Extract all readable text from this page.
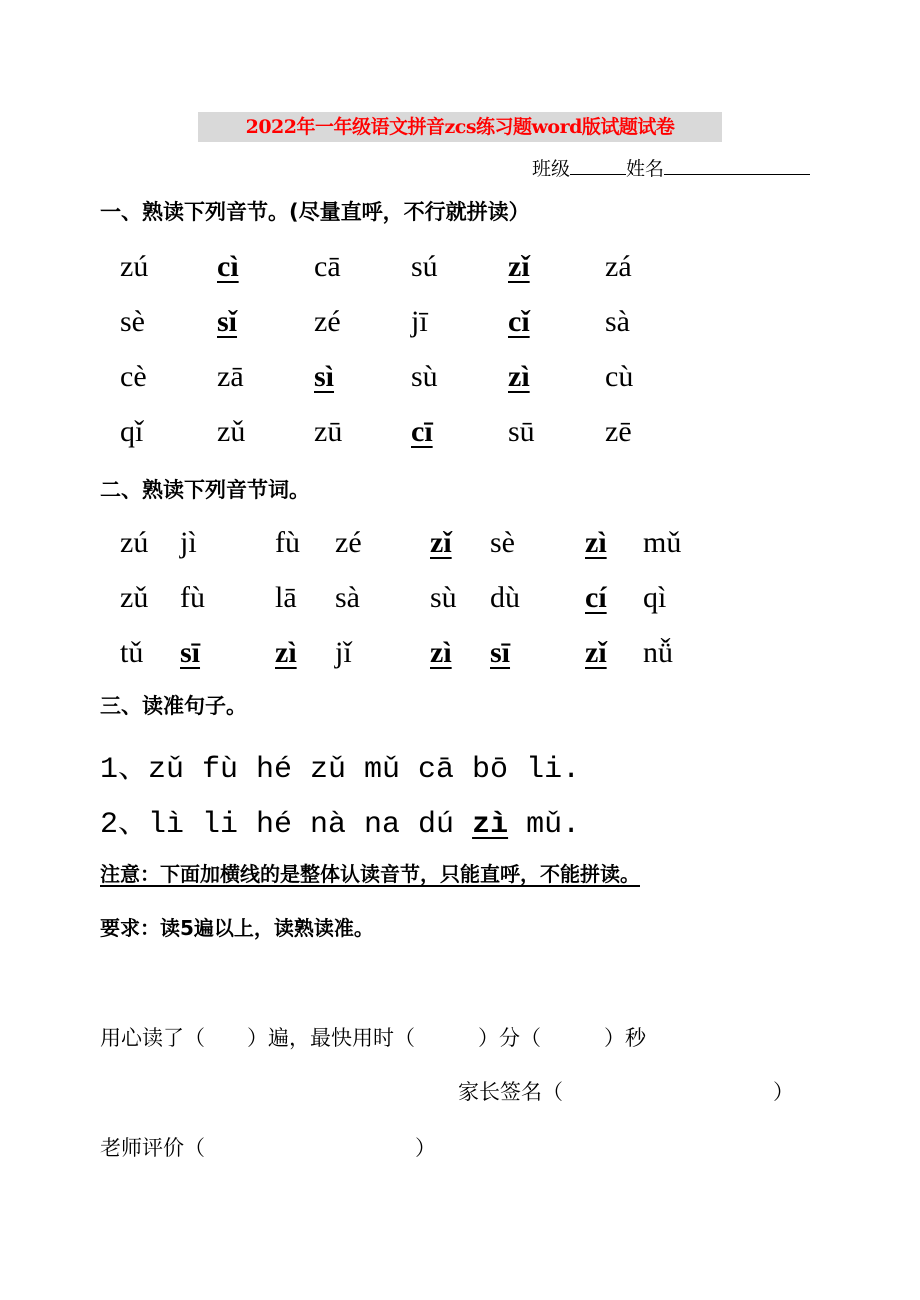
2022年一年级语文拼音zcs练习题word版试题试卷
班级	姓名
一、熟读下列音节。(尽量直呼，不行就拼读）
zú cì	cā sú zǐ	zá
sè sǐ	zé jī	cǐ	sà
cè zā sì	sù zì	cù
qǐ zǔ zū cī	sū zē
二、熟读下列音节词。
zú jì	fù zé zǐ sè zì mǔ
zǔ fù lā sà sù dù cí qì
tǔ sī zì jǐ	zì sī zǐ nǚ
三、读准句子。
1、zǔ fù hé zǔ mǔ cā bō li.
2、lì li hé nà na dú zì mǔ.
注意：下面加横线的是整体认读音节，只能直呼，不能拼读。
要求：读5遍以上，读熟读准。
用心读了（　　）遍，最快用时（　　　）分（　　　）秒
家长签名（　　　　　　　　　　）
老师评价（　　　　　　　　　　）
